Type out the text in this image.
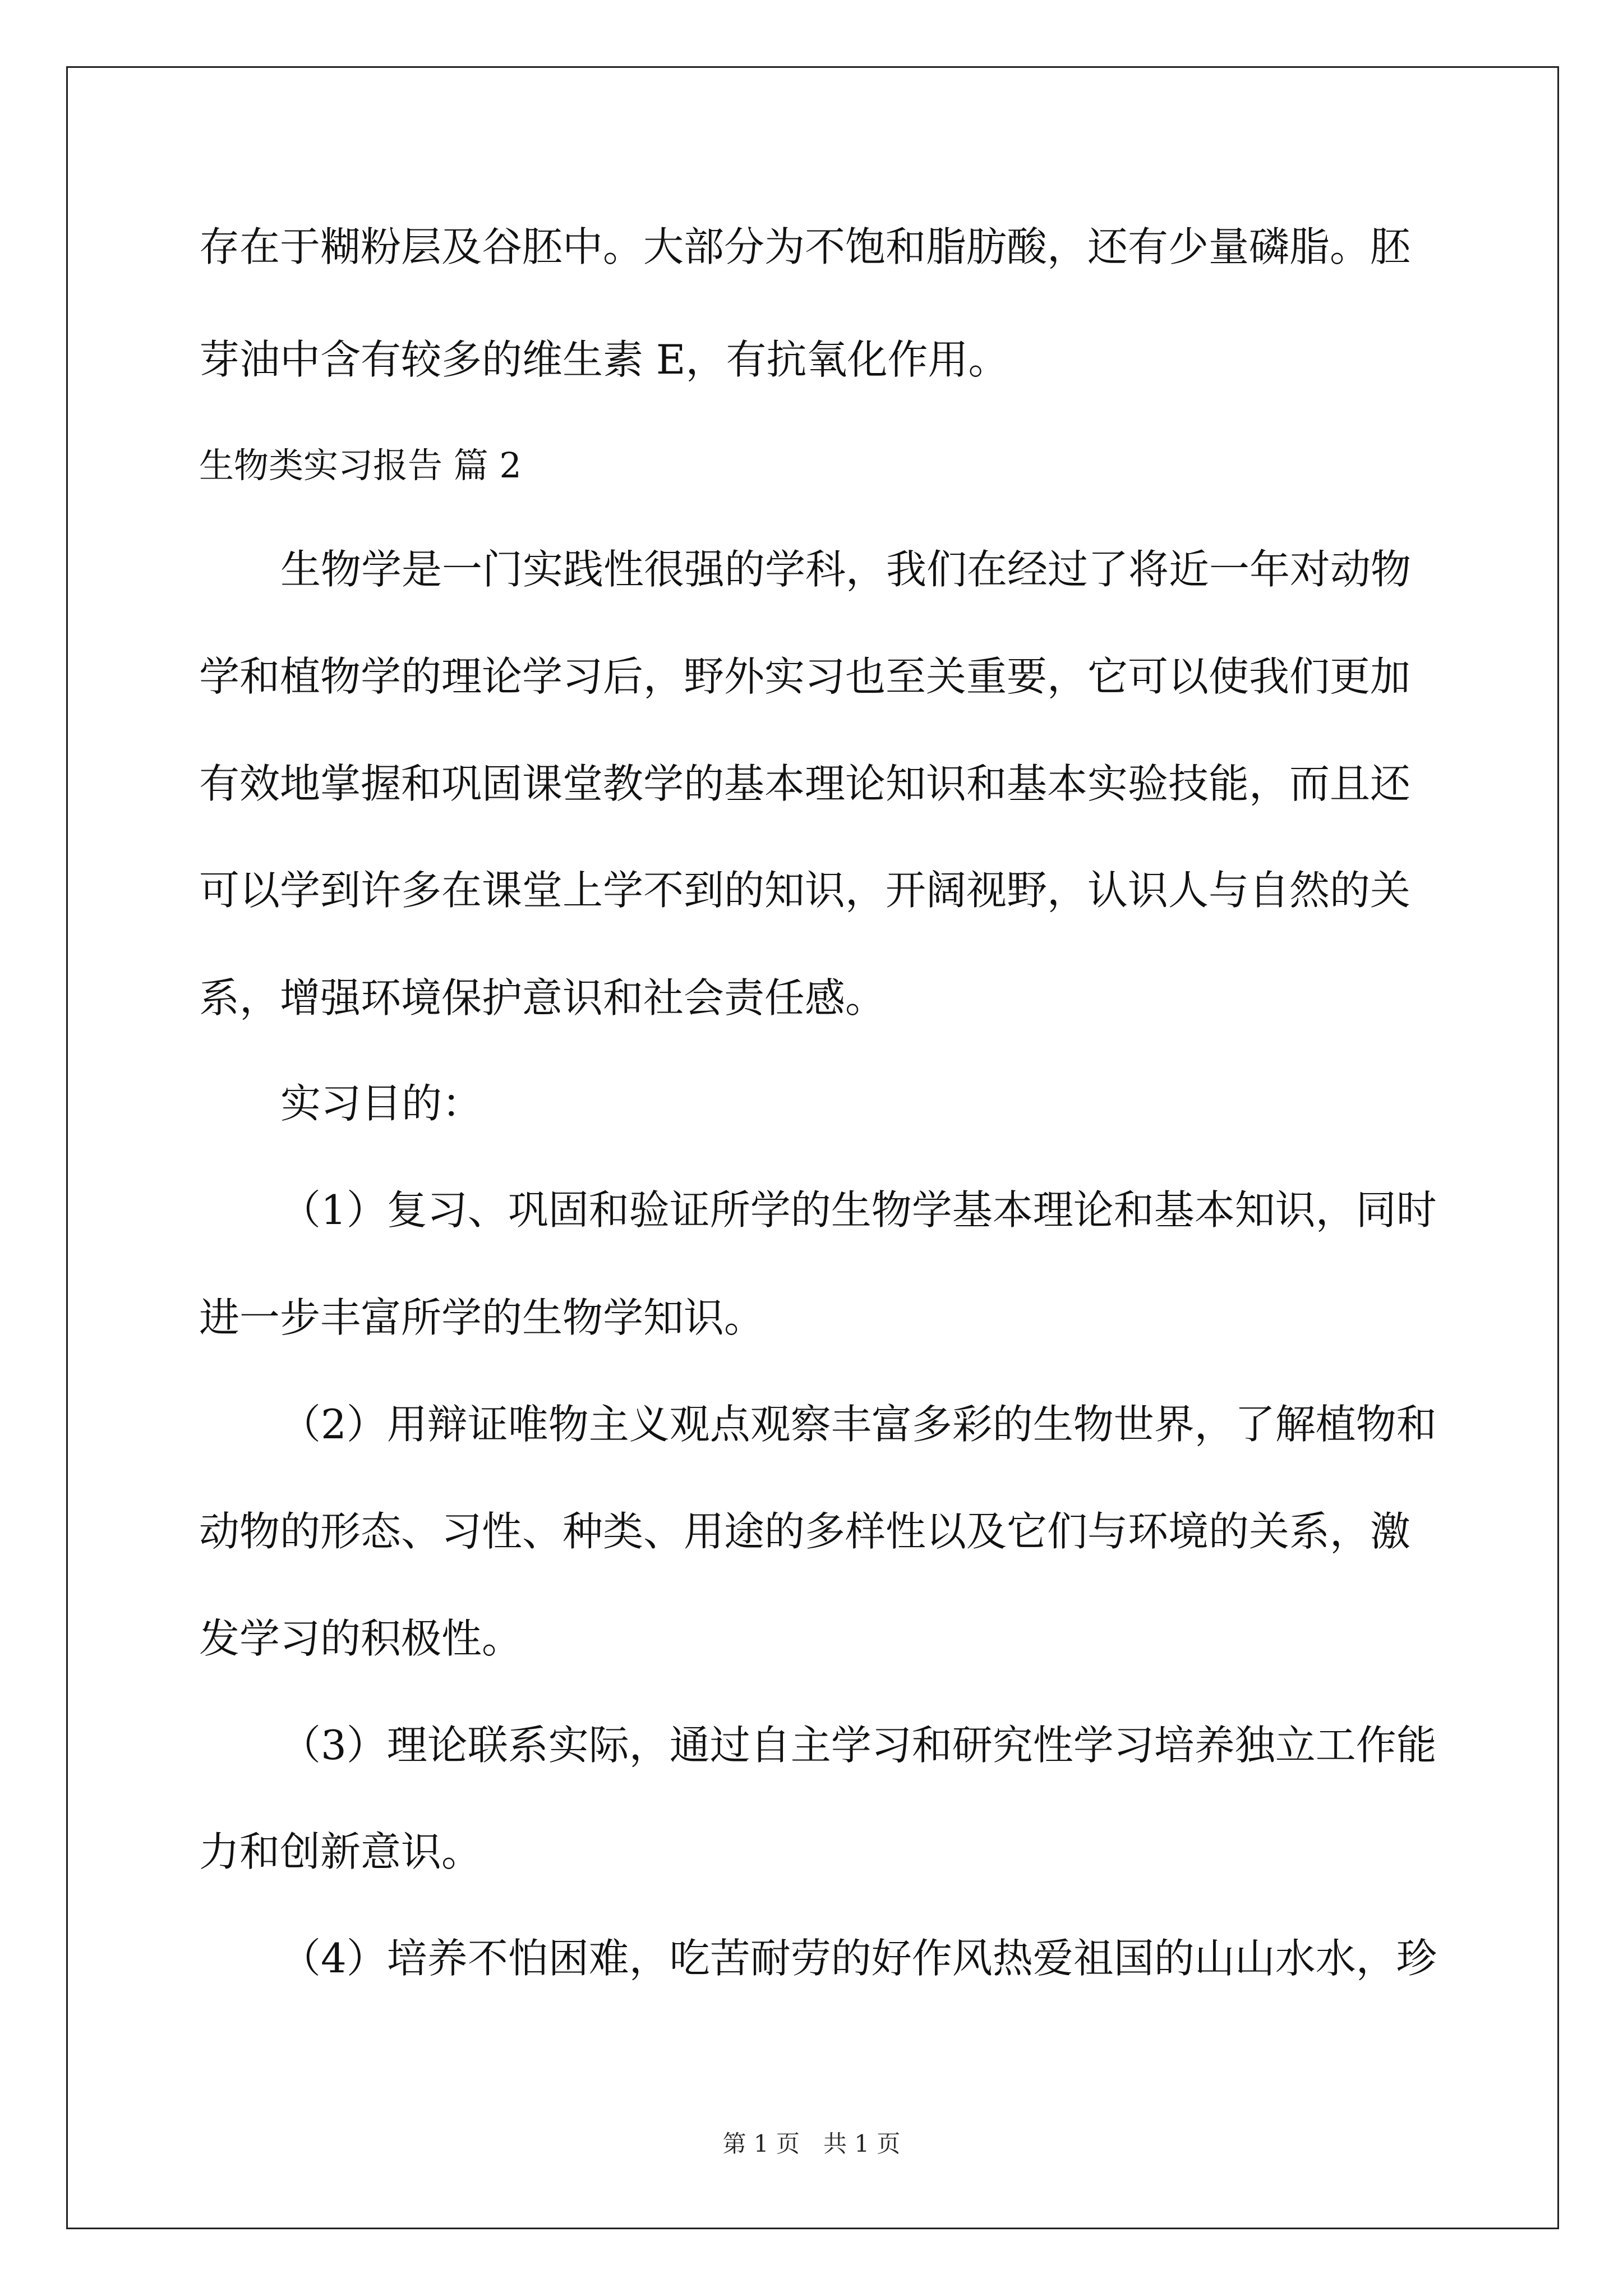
存在于糊粉层及谷胚中。大部分为不饱和脂肪酸，还有少量磷脂。胚
芽油中含有较多的维生素 E，有抗氧化作用。
生物类实习报告 篇 2
生物学是一门实践性很强的学科，我们在经过了将近一年对动物
学和植物学的理论学习后，野外实习也至关重要，它可以使我们更加
有效地掌握和巩固课堂教学的基本理论知识和基本实验技能，而且还
可以学到许多在课堂上学不到的知识，开阔视野，认识人与自然的关
系，增强环境保护意识和社会责任感。
实习目的：
（1）复习、巩固和验证所学的生物学基本理论和基本知识，同时
进一步丰富所学的生物学知识。
（2）用辩证唯物主义观点观察丰富多彩的生物世界，了解植物和
动物的形态、习性、种类、用途的多样性以及它们与环境的关系，激
发学习的积极性。
（3）理论联系实际，通过自主学习和研究性学习培养独立工作能
力和创新意识。
（4）培养不怕困难，吃苦耐劳的好作风热爱祖国的山山水水，珍
第 1 页　共 1 页
